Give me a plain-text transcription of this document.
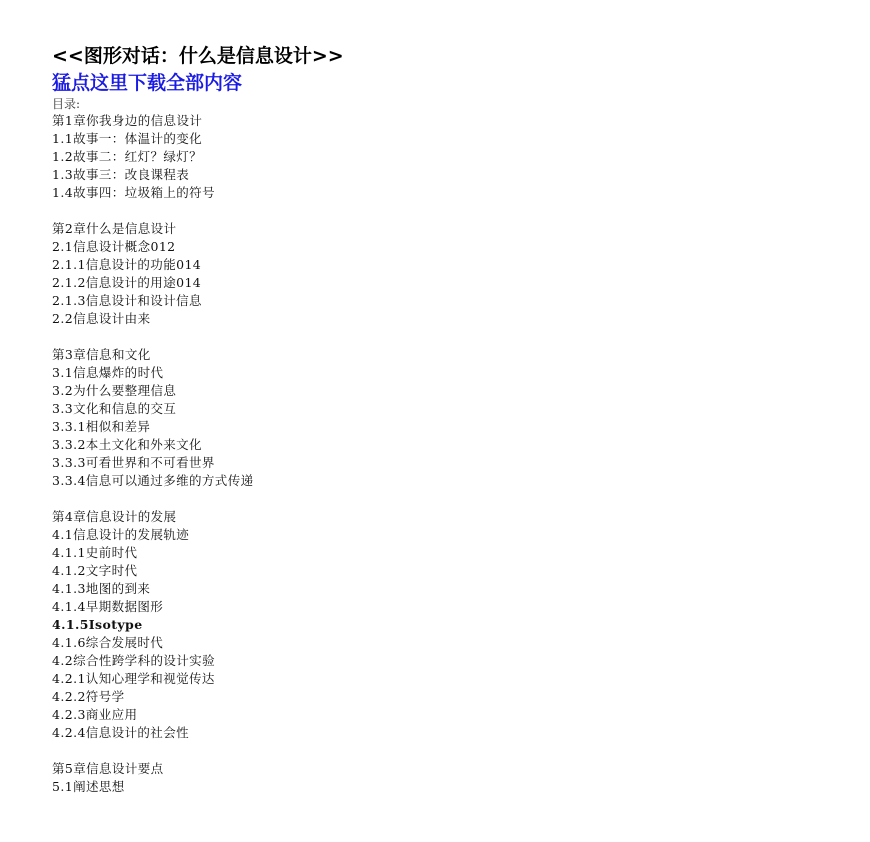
<<图形对话：什么是信息设计>>
猛点这里下载全部内容
目录:
第1章你我身边的信息设计
1.1故事一：体温计的变化
1.2故事二：红灯？绿灯？
1.3故事三：改良课程表
1.4故事四：垃圾箱上的符号
第2章什么是信息设计
2.1信息设计概念012
2.1.1信息设计的功能014
2.1.2信息设计的用途014
2.1.3信息设计和设计信息
2.2信息设计由来
第3章信息和文化
3.1信息爆炸的时代
3.2为什么要整理信息
3.3文化和信息的交互
3.3.1相似和差异
3.3.2本土文化和外来文化
3.3.3可看世界和不可看世界
3.3.4信息可以通过多维的方式传递
第4章信息设计的发展
4.1信息设计的发展轨迹
4.1.1史前时代
4.1.2文字时代
4.1.3地图的到来
4.1.4早期数据图形
4.1.5Isotype
4.1.6综合发展时代
4.2综合性跨学科的设计实验
4.2.1认知心理学和视觉传达
4.2.2符号学
4.2.3商业应用
4.2.4信息设计的社会性
第5章信息设计要点
5.1阐述思想
